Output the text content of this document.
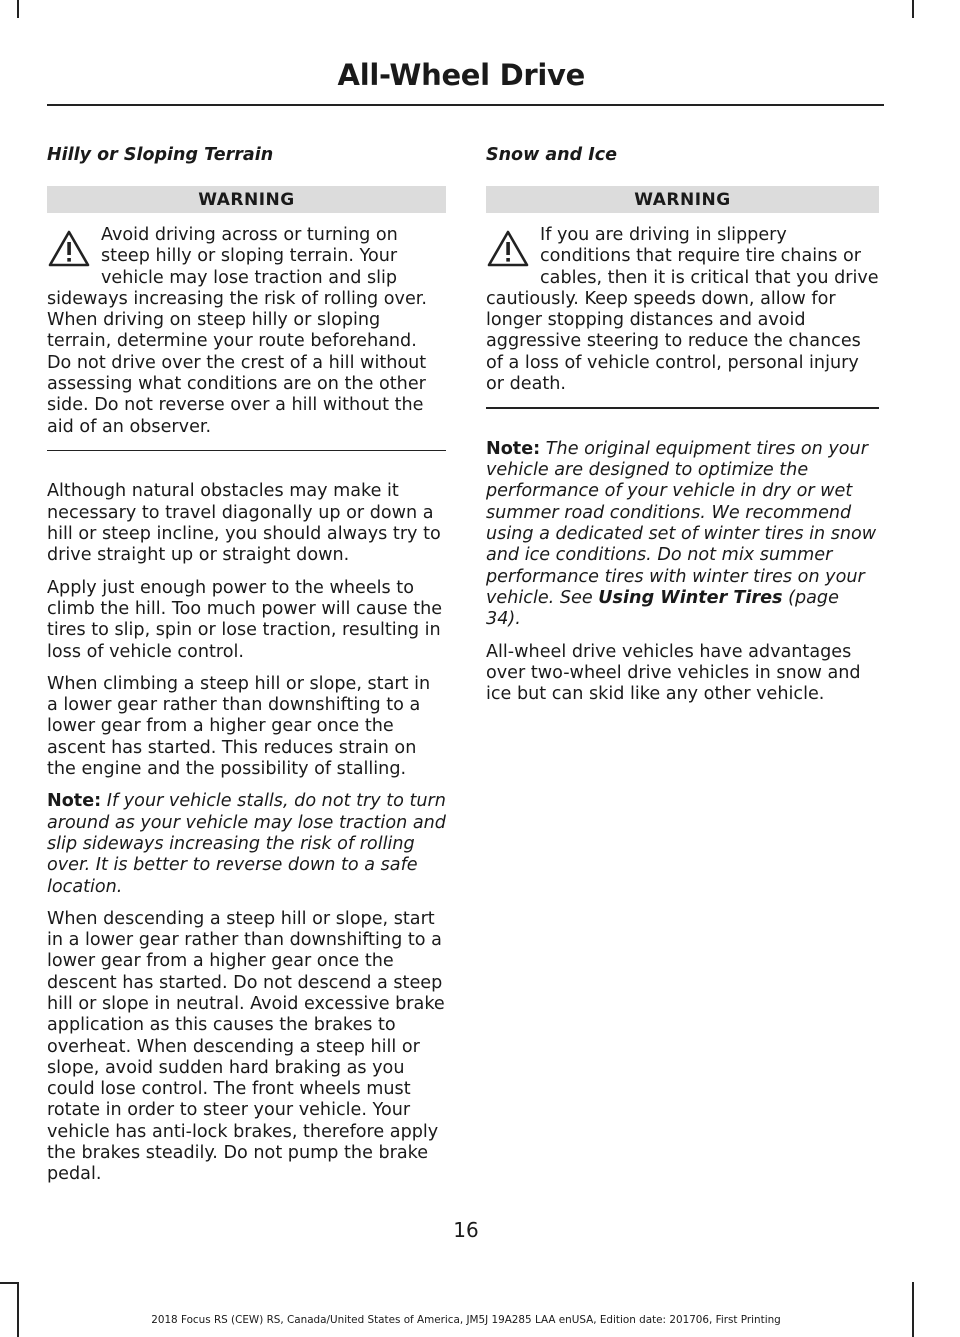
All-Wheel Drive
Hilly or Sloping Terrain
WARNING
Avoid driving across or turning on steep hilly or sloping terrain. Your vehicle may lose traction and slip sideways increasing the risk of rolling over. When driving on steep hilly or sloping terrain, determine your route beforehand. Do not drive over the crest of a hill without assessing what conditions are on the other side. Do not reverse over a hill without the aid of an observer.

Although natural obstacles may make it necessary to travel diagonally up or down a hill or steep incline, you should always try to drive straight up or straight down.

Apply just enough power to the wheels to climb the hill. Too much power will cause the tires to slip, spin or lose traction, resulting in loss of vehicle control.

When climbing a steep hill or slope, start in a lower gear rather than downshifting to a lower gear from a higher gear once the ascent has started. This reduces strain on the engine and the possibility of stalling.

Note: If your vehicle stalls, do not try to turn around as your vehicle may lose traction and slip sideways increasing the risk of rolling over. It is better to reverse down to a safe location.

When descending a steep hill or slope, start in a lower gear rather than downshifting to a lower gear from a higher gear once the descent has started. Do not descend a steep hill or slope in neutral. Avoid excessive brake application as this causes the brakes to overheat. When descending a steep hill or slope, avoid sudden hard braking as you could lose control. The front wheels must rotate in order to steer your vehicle. Your vehicle has anti-lock brakes, therefore apply the brakes steadily. Do not pump the brake pedal.

Snow and Ice
WARNING
If you are driving in slippery conditions that require tire chains or cables, then it is critical that you drive cautiously. Keep speeds down, allow for longer stopping distances and avoid aggressive steering to reduce the chances of a loss of vehicle control, personal injury or death.

Note: The original equipment tires on your vehicle are designed to optimize the performance of your vehicle in dry or wet summer road conditions. We recommend using a dedicated set of winter tires in snow and ice conditions. Do not mix summer performance tires with winter tires on your vehicle. See Using Winter Tires (page 34).

All-wheel drive vehicles have advantages over two-wheel drive vehicles in snow and ice but can skid like any other vehicle.

16
2018 Focus RS (CEW) RS, Canada/United States of America, JM5J 19A285 LAA enUSA, Edition date: 201706, First Printing
